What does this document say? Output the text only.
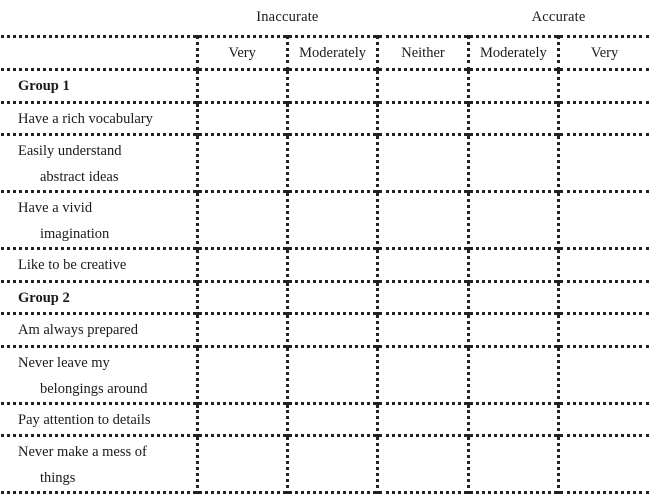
	Inaccurate			Accurate	
	Very	Moderately	Neither	Moderately	Very
Group 1					
Have a rich vocabulary					
Easily understand
abstract ideas					

Have a vivid
imagination					

Like to be creative					
Group 2					
Am always prepared					
Never leave my
belongings around					

Pay attention to details					
Never make a mess of
things					
